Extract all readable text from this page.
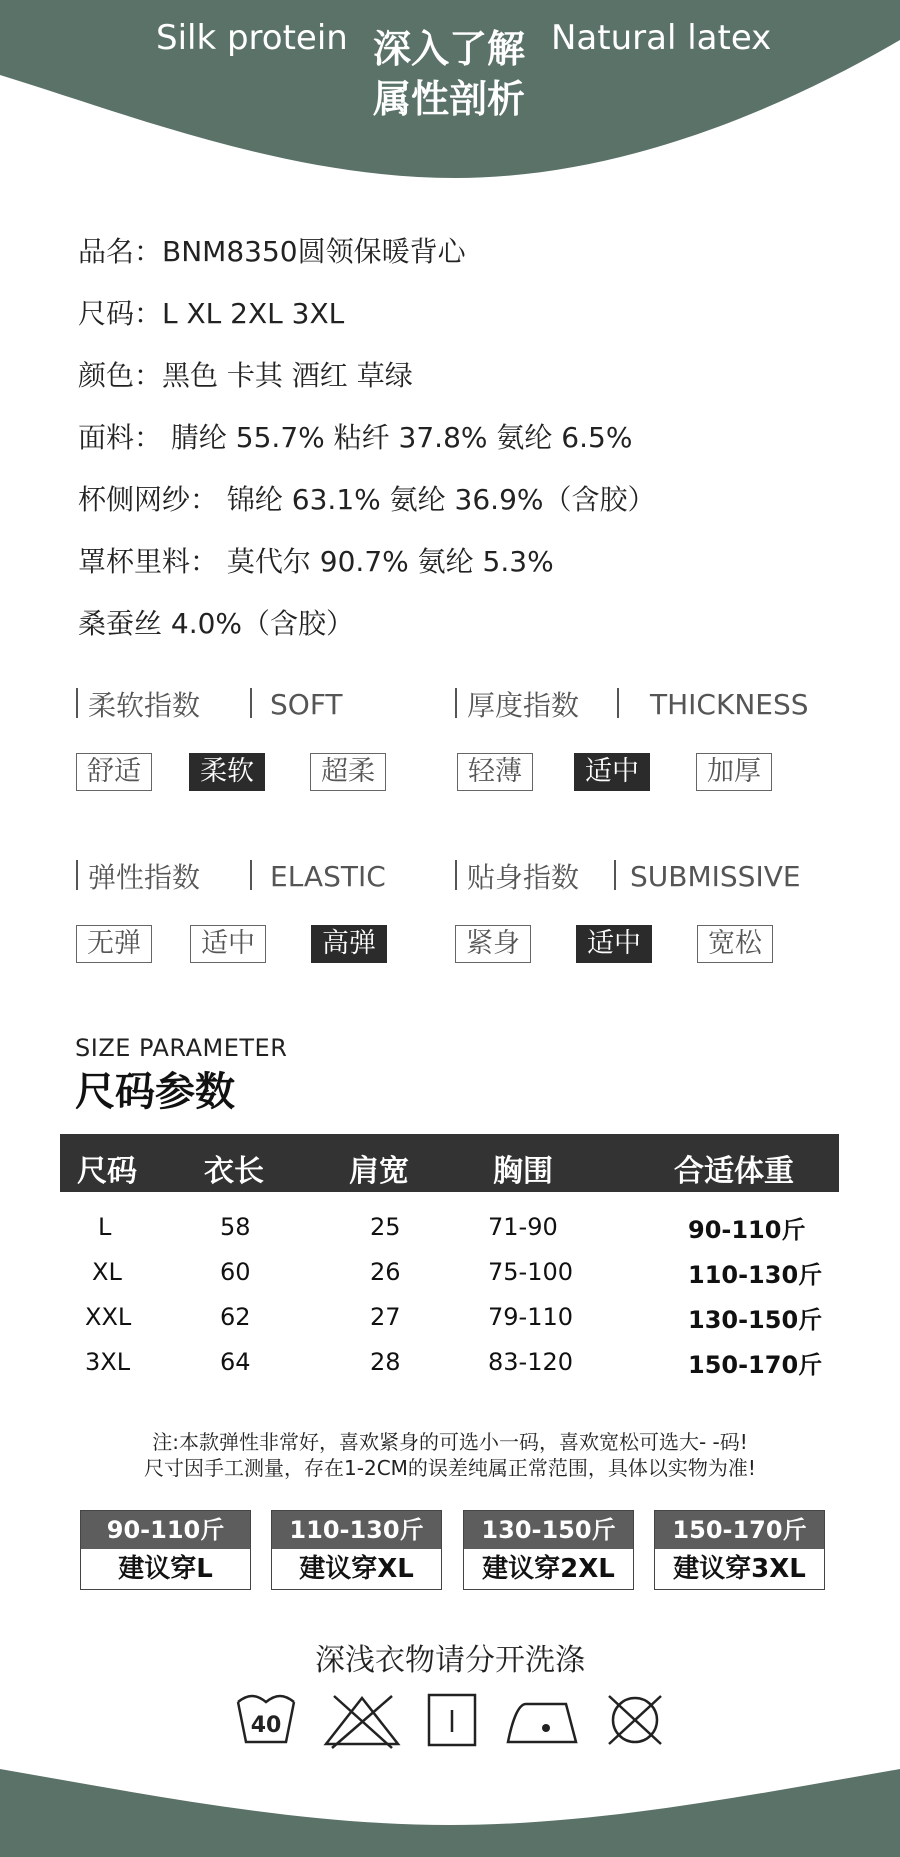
Silk protein 深入了解
属性剖析
Natural latex
品名：BNM8350圆领保暖背心
尺码：L XL 2XL 3XL
颜色：黑色 卡其 酒红 草绿
面料： 腈纶 55.7% 粘纤 37.8% 氨纶 6.5%
杯侧网纱： 锦纶 63.1% 氨纶 36.9%（含胶）
罩杯里料： 莫代尔 90.7% 氨纶 5.3%
桑蚕丝 4.0%（含胶）
柔软指数 SOFT
舒适	柔软	超柔
厚度指数	THICKNESS
轻薄	适中	加厚
弹性指数 ELASTIC
无弹	适中	高弹
贴身指数 SUBMISSIVE
紧身	适中	宽松
SIZE PARAMETER
尺码参数
尺码 衣长	肩宽	胸围	合适体重
L	58	25	71-90	90-110斤
XL	60	26	75-100	110-130斤
XXL	62	27	79-110	130-150斤
3XL	64	28	83-120	150-170斤
注:本款弹性非常好，喜欢紧身的可选小一码，喜欢宽松可选大- -码!
尺寸因手工测量，存在1-2CM的误差纯属正常范围，具体以实物为准!
90-110斤
建议穿L
110-130斤
建议穿XL
130-150斤
建议穿2XL
150-170斤
建议穿3XL
深浅衣物请分开洗涤
40
